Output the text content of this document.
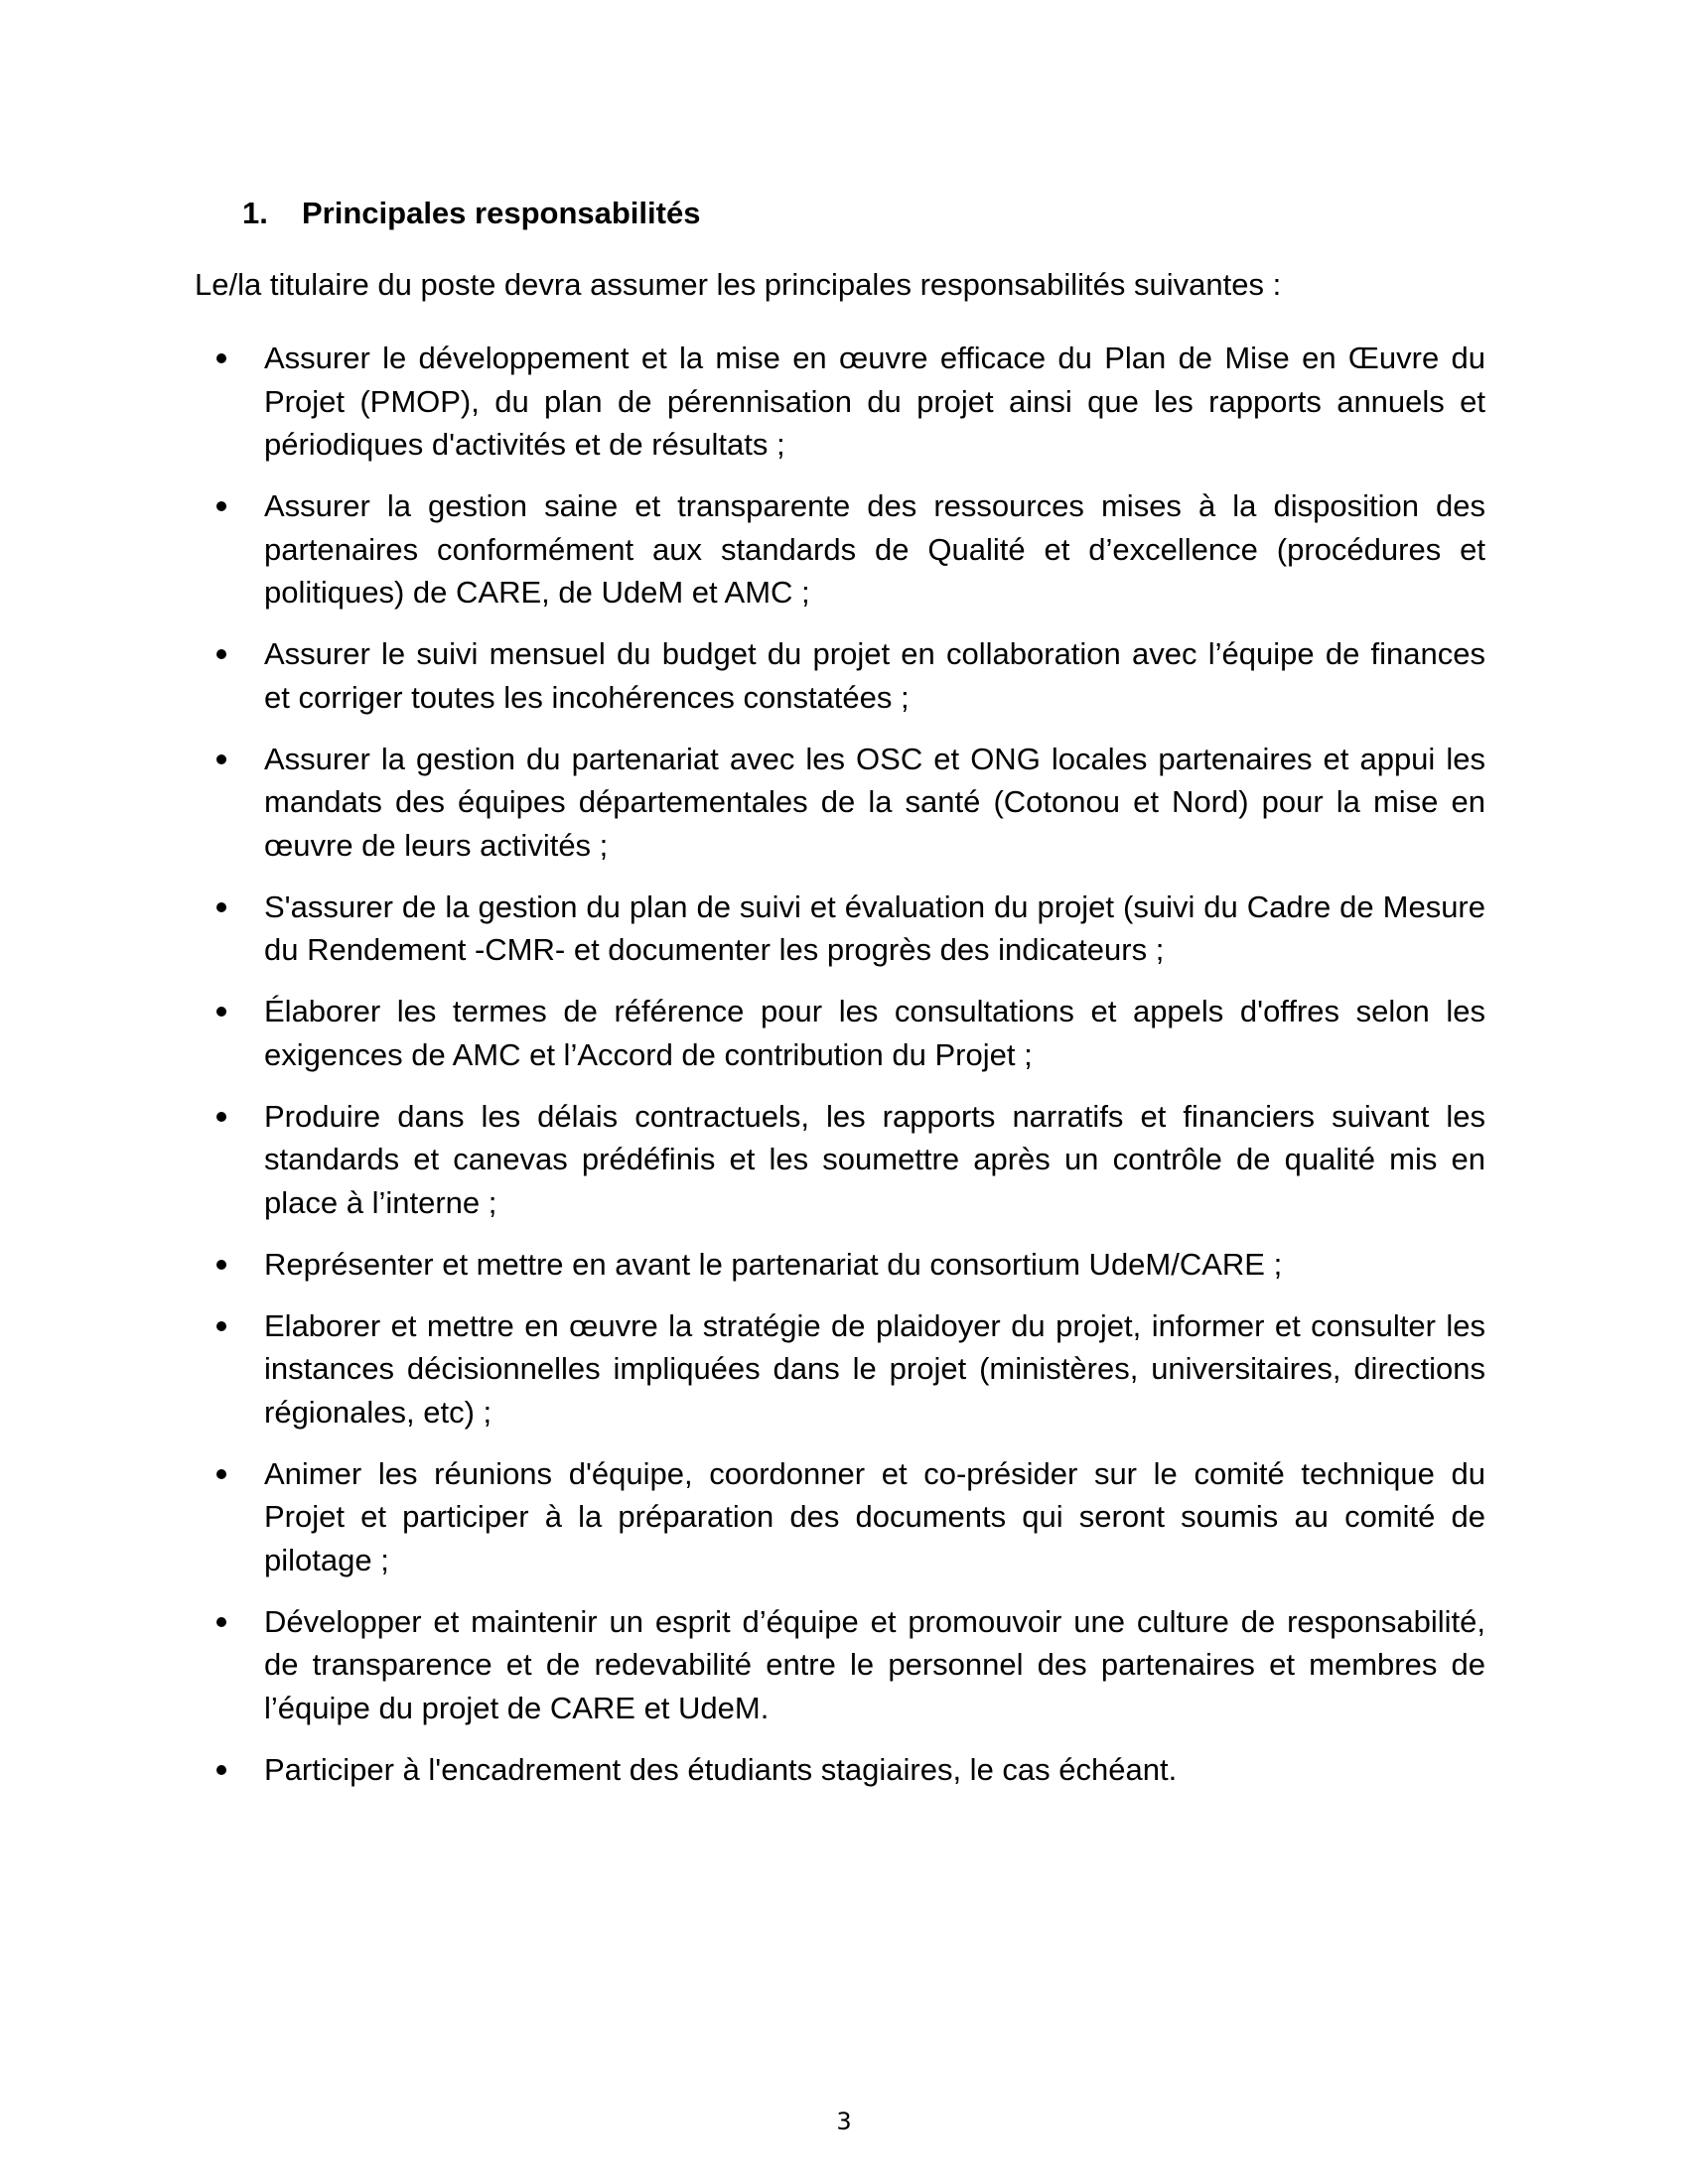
1. Principales responsabilités
Le/la titulaire du poste devra assumer les principales responsabilités suivantes :
Assurer le développement et la mise en œuvre efficace du Plan de Mise en Œuvre du Projet (PMOP), du plan de pérennisation du projet ainsi que les rapports annuels et périodiques d'activités et de résultats ;
Assurer la gestion saine et transparente des ressources mises à la disposition des partenaires conformément aux standards de Qualité et d’excellence (procédures et politiques) de CARE, de UdeM et AMC ;
Assurer le suivi mensuel du budget du projet en collaboration avec l’équipe de finances et corriger toutes les incohérences constatées ;
Assurer la gestion du partenariat avec les OSC et ONG locales partenaires et appui les mandats des équipes départementales de la santé (Cotonou et Nord) pour la mise en œuvre de leurs activités ;
S'assurer de la gestion du plan de suivi et évaluation du projet (suivi du Cadre de Mesure du Rendement -CMR- et documenter les progrès des indicateurs ;
Élaborer les termes de référence pour les consultations et appels d'offres selon les exigences de AMC et l’Accord de contribution du Projet ;
Produire dans les délais contractuels, les rapports narratifs et financiers suivant les standards et canevas prédéfinis et les soumettre après un contrôle de qualité mis en place à l’interne ;
Représenter et mettre en avant le partenariat du consortium UdeM/CARE ;
Elaborer et mettre en œuvre la stratégie de plaidoyer du projet, informer et consulter les instances décisionnelles impliquées dans le projet (ministères, universitaires, directions régionales, etc) ;
Animer les réunions d'équipe, coordonner et co-présider sur le comité technique du Projet et participer à la préparation des documents qui seront soumis au comité de pilotage ;
Développer et maintenir un esprit d’équipe et promouvoir une culture de responsabilité, de transparence et de redevabilité entre le personnel des partenaires et membres de l’équipe du projet de CARE et UdeM.
Participer à l'encadrement des étudiants stagiaires, le cas échéant.
3
